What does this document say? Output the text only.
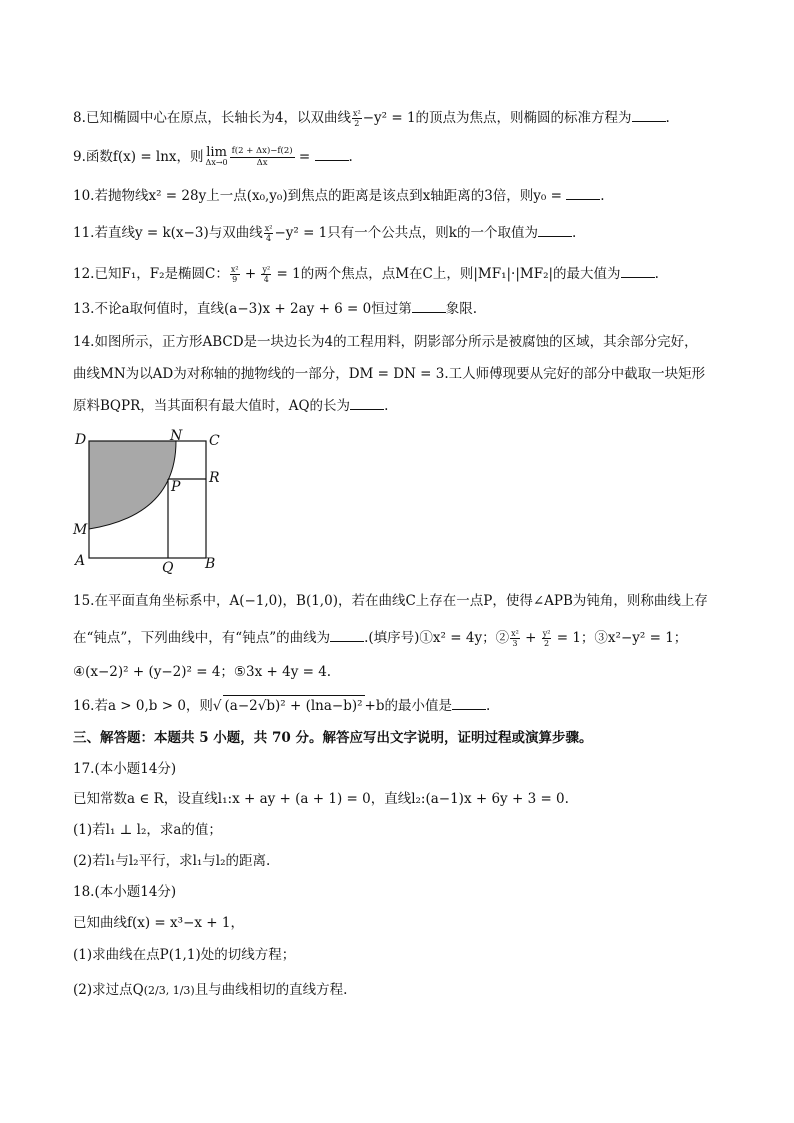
8.已知椭圆中心在原点，长轴长为4，以双曲线 $\frac{\text{x²}}{2} -y^2 = 1$的顶点为焦点，则椭圆的标准方程为	.
9.函数f(x) = lnx，则 lim
$\Delta x\to 0 \frac{f(2 + \Delta x)-f(2)}{\Delta x}$ =	.
10.若抛物线x² = 28y上一点(x₀,y₀)到焦点的距离是该点到x轴距离的3倍，则y₀ =	.
11.若直线y = k(x−3)与双曲线 $\frac{\text{x²}}{4} -y^2 = 1$只有一个公共点，则k的一个取值为	.
12.已知F₁，F₂是椭圆C： $\frac{\text{x²}}{9} + \frac{\text{y²}}{4} = 1$的两个焦点，点M在C上，则|MF₁|·|MF₂|的最大值为	.
13.不论a取何值时，直线(a−3)x + 2ay + 6 = 0恒过第	象限.
14.如图所示，正方形ABCD是一块边长为4的工程用料，阴影部分所示是被腐蚀的区域，其余部分完好，
曲线MN为以AD为对称轴的抛物线的一部分，DM = DN = 3.工人师傅现要从完好的部分中截取一块矩形
原料BQPR，当其面积有最大值时，AQ的长为	.
D	N C
R
P
M
A	Q B
15.在平面直角坐标系中，A(−1,0)，B(1,0)，若在曲线C上存在一点P，使得∠APB为钝角，则称曲线上存
在“钝点”，下列曲线中，有“钝点”的曲线为	.(填序号)①x² = 4y；② $\frac{\text{x²}}{3} + \frac{\text{y²}}{2} = 1$；③x²−y² = 1；
④(x−2)² + (y−2)² = 4；⑤3x + 4y = 4.
16.若a > 0,b > 0，则√ (a−2√b)² + (lna−b)² +b的最小值是	.
三、解答题：本题共 5 小题，共 70 分。解答应写出文字说明，证明过程或演算步骤。
17.(本小题14分)
已知常数a ∈ R，设直线l₁:x + ay + (a + 1) = 0，直线l₂:(a−1)x + 6y + 3 = 0.
(1)若l₁ ⊥ l₂，求a的值；
(2)若l₁与l₂平行，求l₁与l₂的距离.
18.(本小题14分)
已知曲线f(x) = x³−x + 1，
(1)求曲线在点P(1,1)处的切线方程；
(2)求过点Q(2/3, 1/3)且与曲线相切的直线方程.
